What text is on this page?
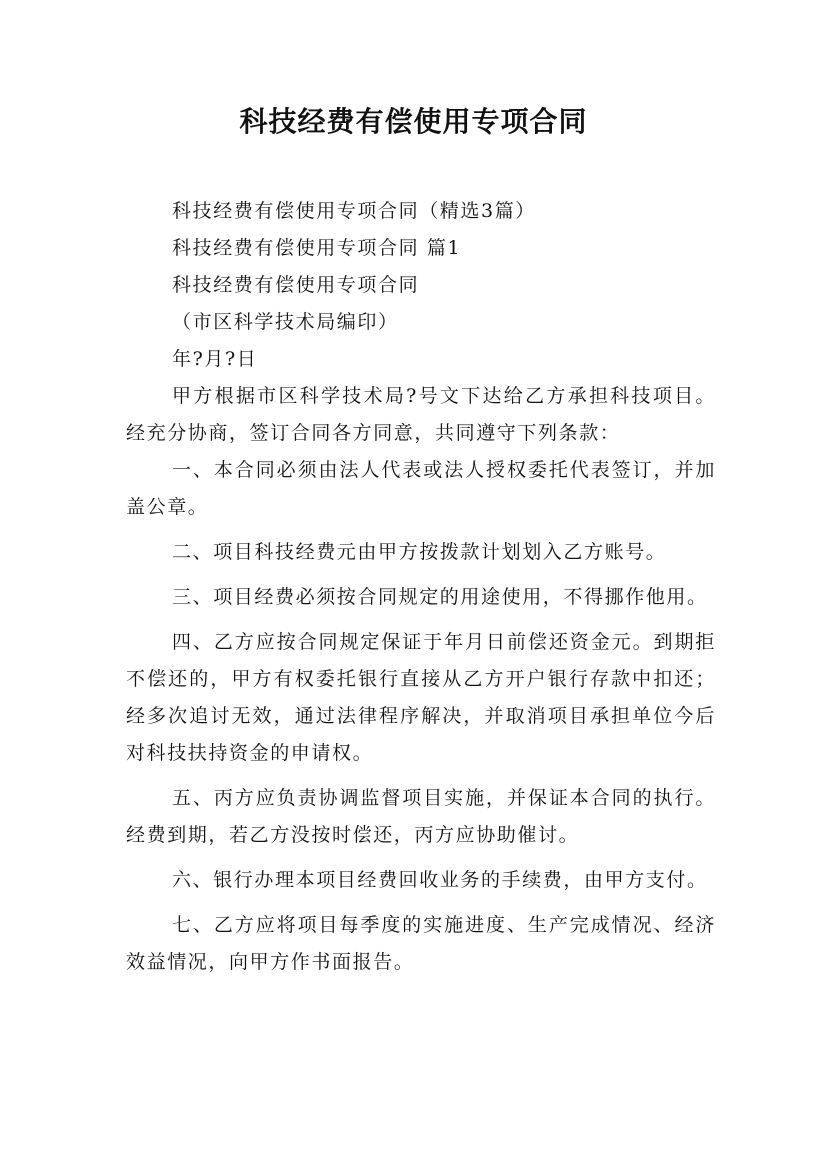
科技经费有偿使用专项合同

科技经费有偿使用专项合同（精选3篇）

科技经费有偿使用专项合同 篇1

科技经费有偿使用专项合同

（市区科学技术局编印）

年?月?日

甲方根据市区科学技术局?号文下达给乙方承担科技项目。经充分协商，签订合同各方同意，共同遵守下列条款：

一、本合同必须由法人代表或法人授权委托代表签订，并加盖公章。

二、项目科技经费元由甲方按拨款计划划入乙方账号。

三、项目经费必须按合同规定的用途使用，不得挪作他用。

四、乙方应按合同规定保证于年月日前偿还资金元。到期拒不偿还的，甲方有权委托银行直接从乙方开户银行存款中扣还；经多次追讨无效，通过法律程序解决，并取消项目承担单位今后对科技扶持资金的申请权。

五、丙方应负责协调监督项目实施，并保证本合同的执行。经费到期，若乙方没按时偿还，丙方应协助催讨。

六、银行办理本项目经费回收业务的手续费，由甲方支付。

七、乙方应将项目每季度的实施进度、生产完成情况、经济效益情况，向甲方作书面报告。
